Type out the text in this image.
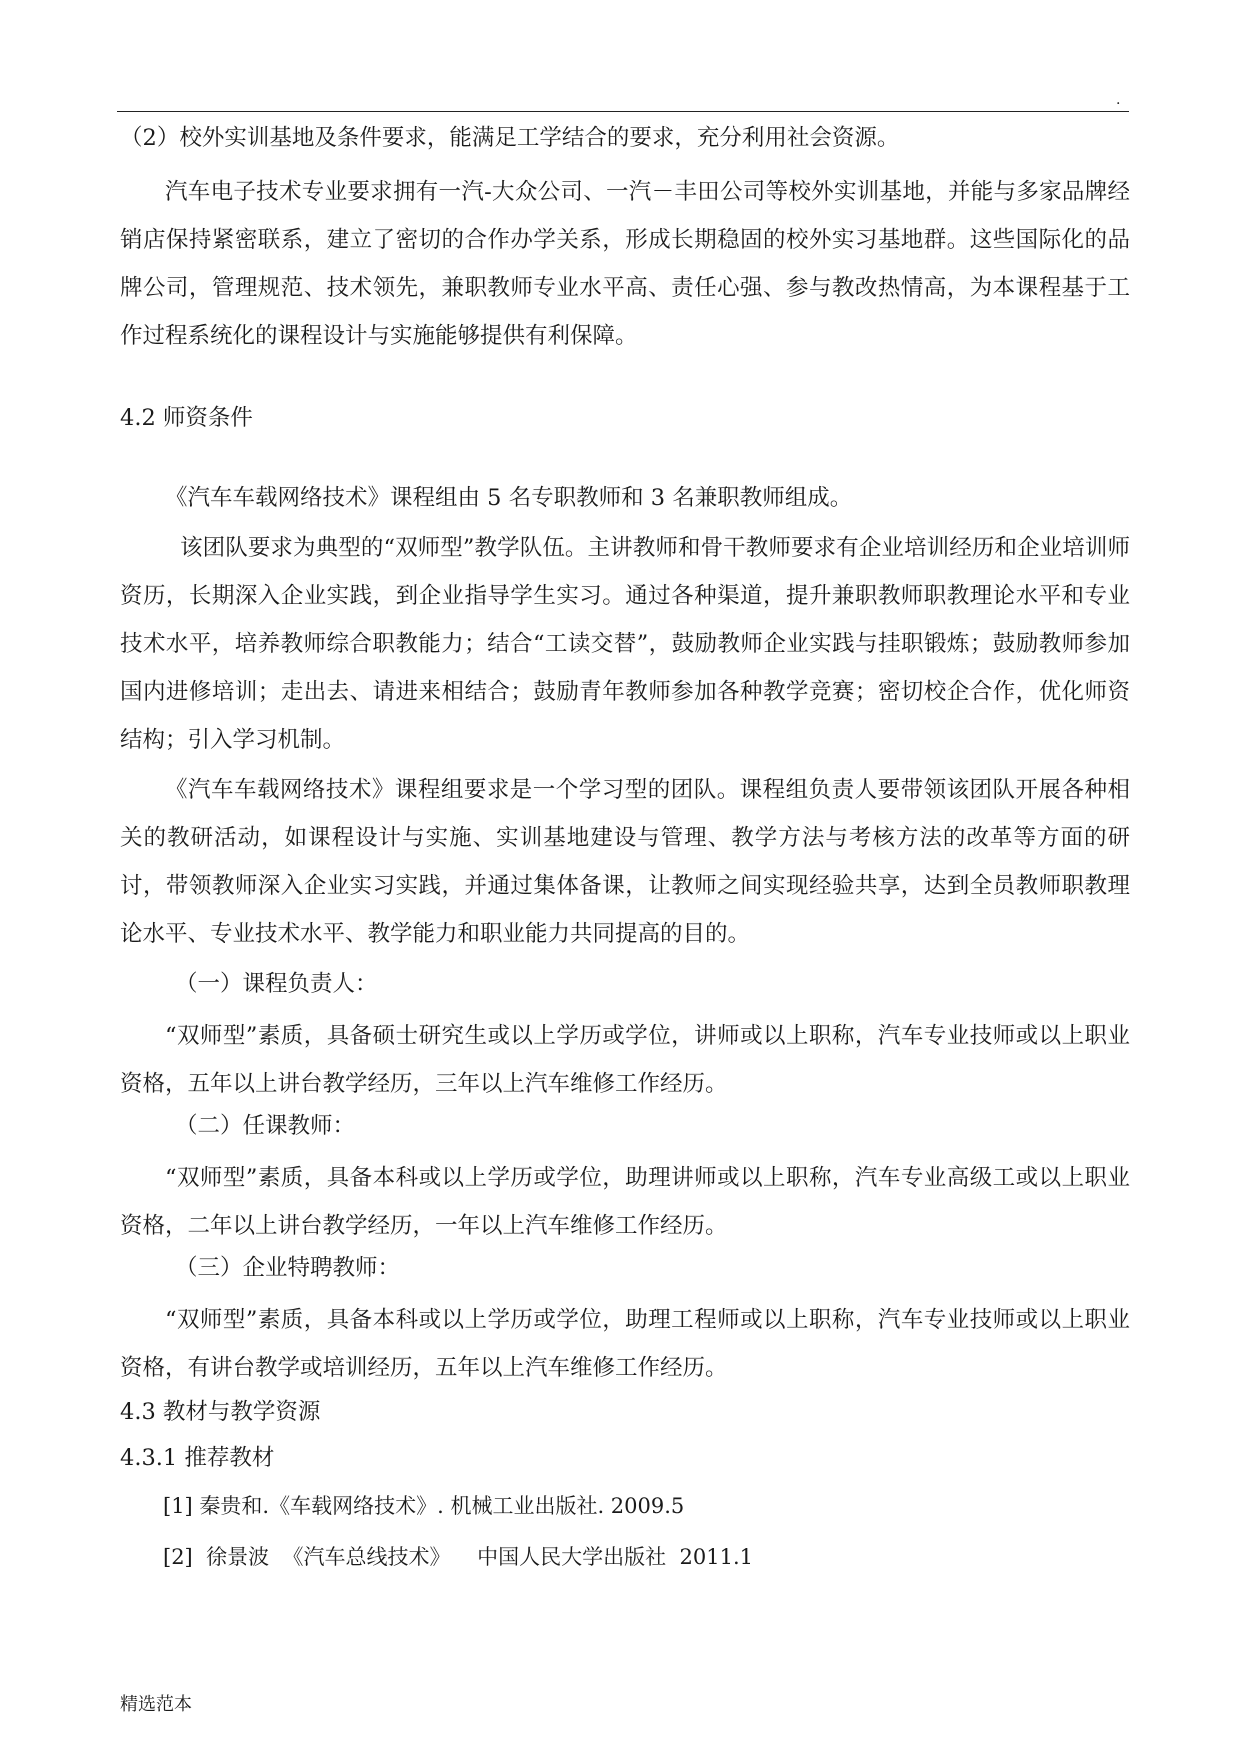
.

（2）校外实训基地及条件要求，能满足工学结合的要求，充分利用社会资源。

汽车电子技术专业要求拥有一汽-大众公司、一汽－丰田公司等校外实训基地，并能与多家品牌经销店保持紧密联系，建立了密切的合作办学关系，形成长期稳固的校外实习基地群。这些国际化的品牌公司，管理规范、技术领先，兼职教师专业水平高、责任心强、参与教改热情高，为本课程基于工作过程系统化的课程设计与实施能够提供有利保障。

4.2 师资条件

《汽车车载网络技术》课程组由 5 名专职教师和 3 名兼职教师组成。

该团队要求为典型的“双师型”教学队伍。主讲教师和骨干教师要求有企业培训经历和企业培训师资历，长期深入企业实践，到企业指导学生实习。通过各种渠道，提升兼职教师职教理论水平和专业技术水平，培养教师综合职教能力；结合“工读交替”，鼓励教师企业实践与挂职锻炼；鼓励教师参加国内进修培训；走出去、请进来相结合；鼓励青年教师参加各种教学竞赛；密切校企合作，优化师资结构；引入学习机制。

《汽车车载网络技术》课程组要求是一个学习型的团队。课程组负责人要带领该团队开展各种相关的教研活动，如课程设计与实施、实训基地建设与管理、教学方法与考核方法的改革等方面的研讨，带领教师深入企业实习实践，并通过集体备课，让教师之间实现经验共享，达到全员教师职教理论水平、专业技术水平、教学能力和职业能力共同提高的目的。

（一）课程负责人：

“双师型”素质，具备硕士研究生或以上学历或学位，讲师或以上职称，汽车专业技师或以上职业资格，五年以上讲台教学经历，三年以上汽车维修工作经历。

（二）任课教师：

“双师型”素质，具备本科或以上学历或学位，助理讲师或以上职称，汽车专业高级工或以上职业资格，二年以上讲台教学经历，一年以上汽车维修工作经历。

（三）企业特聘教师：

“双师型”素质，具备本科或以上学历或学位，助理工程师或以上职称，汽车专业技师或以上职业资格，有讲台教学或培训经历，五年以上汽车维修工作经历。

4.3 教材与教学资源

4.3.1 推荐教材

[1] 秦贵和.《车载网络技术》. 机械工业出版社. 2009.5

[2]  徐景波  《汽车总线技术》    中国人民大学出版社  2011.1

精选范本
